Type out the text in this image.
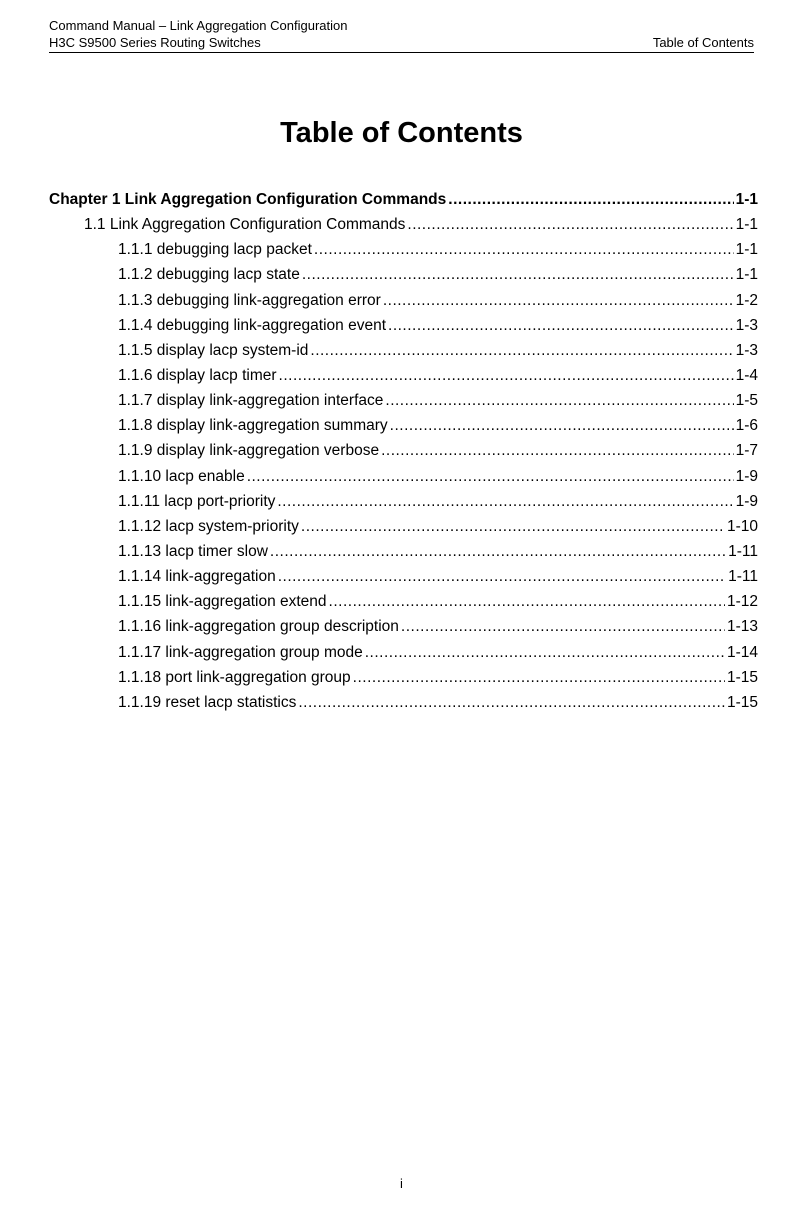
Command Manual – Link Aggregation Configuration
H3C S9500 Series Routing Switches	Table of Contents
Table of Contents
Chapter 1 Link Aggregation Configuration Commands .....	1-1
1.1 Link Aggregation Configuration Commands .....	1-1
1.1.1 debugging lacp packet .....	1-1
1.1.2 debugging lacp state .....	1-1
1.1.3 debugging link-aggregation error .....	1-2
1.1.4 debugging link-aggregation event .....	1-3
1.1.5 display lacp system-id .....	1-3
1.1.6 display lacp timer .....	1-4
1.1.7 display link-aggregation interface .....	1-5
1.1.8 display link-aggregation summary .....	1-6
1.1.9 display link-aggregation verbose .....	1-7
1.1.10 lacp enable .....	1-9
1.1.11 lacp port-priority .....	1-9
1.1.12 lacp system-priority .....	1-10
1.1.13 lacp timer slow .....	1-11
1.1.14 link-aggregation .....	1-11
1.1.15 link-aggregation extend .....	1-12
1.1.16 link-aggregation group description .....	1-13
1.1.17 link-aggregation group mode .....	1-14
1.1.18 port link-aggregation group .....	1-15
1.1.19 reset lacp statistics .....	1-15
i
